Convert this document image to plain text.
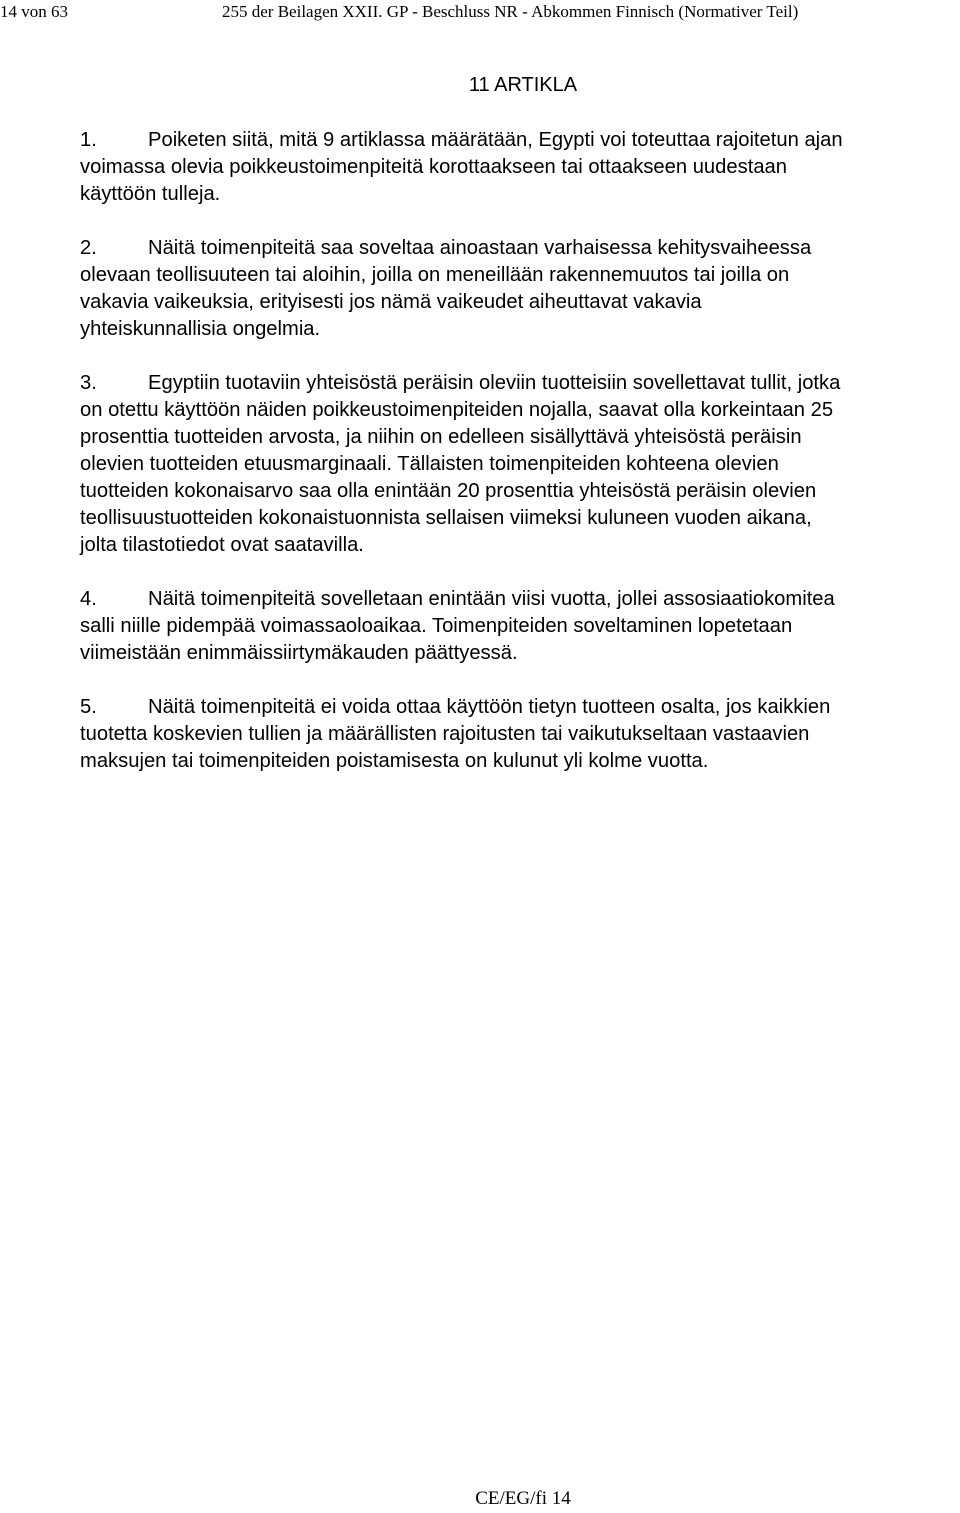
14 von 63	255 der Beilagen XXII. GP - Beschluss NR - Abkommen Finnisch (Normativer Teil)
11 ARTIKLA
1.	Poiketen siitä, mitä 9 artiklassa määrätään, Egypti voi toteuttaa rajoitetun ajan
voimassa olevia poikkeustoimenpiteitä korottaakseen tai ottaakseen uudestaan
käyttöön tulleja.
2.	Näitä toimenpiteitä saa soveltaa ainoastaan varhaisessa kehitysvaiheessa
olevaan teollisuuteen tai aloihin, joilla on meneillään rakennemuutos tai joilla on
vakavia vaikeuksia, erityisesti jos nämä vaikeudet aiheuttavat vakavia
yhteiskunnallisia ongelmia.
3.	Egyptiin tuotaviin yhteisöstä peräisin oleviin tuotteisiin sovellettavat tullit, jotka
on otettu käyttöön näiden poikkeustoimenpiteiden nojalla, saavat olla korkeintaan 25
prosenttia tuotteiden arvosta, ja niihin on edelleen sisällyttävä yhteisöstä peräisin
olevien tuotteiden etuusmarginaali. Tällaisten toimenpiteiden kohteena olevien
tuotteiden kokonaisarvo saa olla enintään 20 prosenttia yhteisöstä peräisin olevien
teollisuustuotteiden kokonaistuonnista sellaisen viimeksi kuluneen vuoden aikana,
jolta tilastotiedot ovat saatavilla.
4.	Näitä toimenpiteitä sovelletaan enintään viisi vuotta, jollei assosiaatiokomitea
salli niille pidempää voimassaoloaikaa. Toimenpiteiden soveltaminen lopetetaan
viimeistään enimmäissiirtymäkauden päättyessä.
5.	Näitä toimenpiteitä ei voida ottaa käyttöön tietyn tuotteen osalta, jos kaikkien
tuotetta koskevien tullien ja määrällisten rajoitusten tai vaikutukseltaan vastaavien
maksujen tai toimenpiteiden poistamisesta on kulunut yli kolme vuotta.
CE/EG/fi 14
